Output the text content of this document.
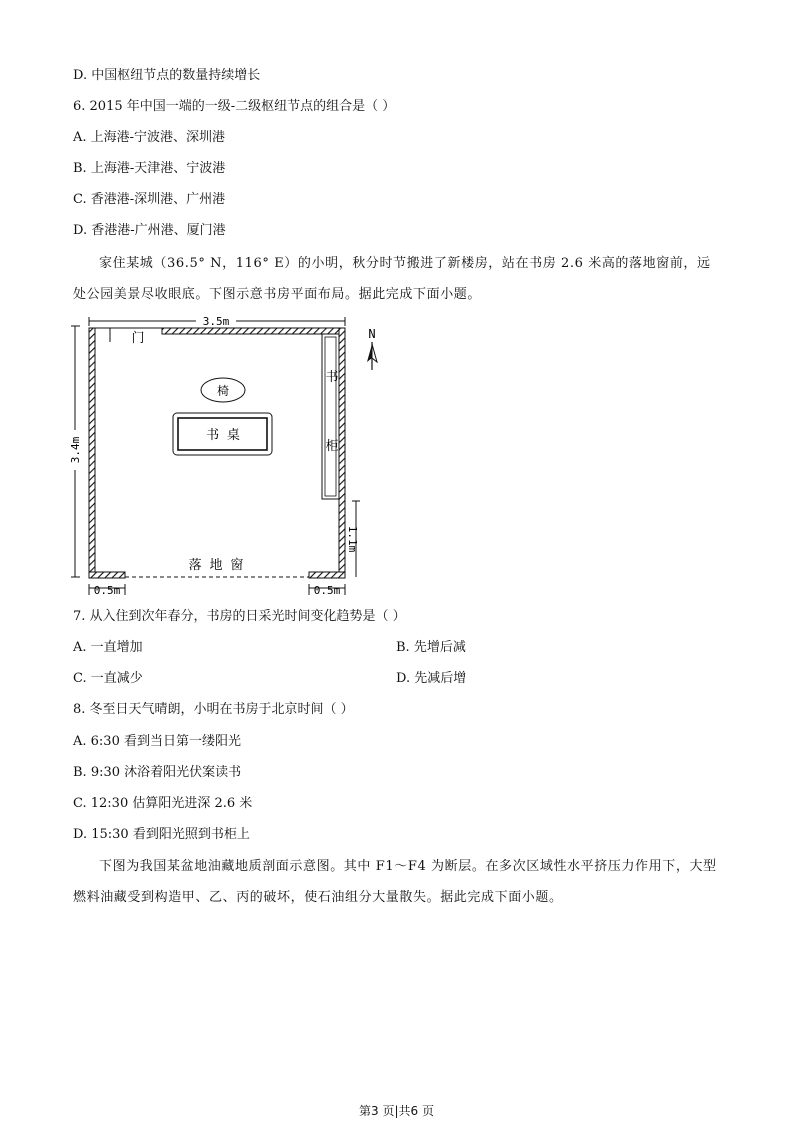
D. 中国枢纽节点的数量持续增长
6. 2015 年中国一端的一级-二级枢纽节点的组合是（ ）
A. 上海港-宁波港、深圳港
B. 上海港-天津港、宁波港
C. 香港港-深圳港、广州港
D. 香港港-广州港、厦门港
家住某城（36.5° N，116° E）的小明，秋分时节搬进了新楼房，站在书房 2.6 米高的落地窗前，远处公园美景尽收眼底。下图示意书房平面布局。据此完成下面小题。
3.5m
3.4m
门
落 地 窗
书
柜
椅
书 桌
1.1m
0.5m	0.5m
N
7. 从入住到次年春分，书房的日采光时间变化趋势是（ ）
A. 一直增加	B. 先增后减
C. 一直减少	D. 先减后增
8. 冬至日天气晴朗，小明在书房于北京时间（ ）
A. 6:30 看到当日第一缕阳光
B. 9:30 沐浴着阳光伏案读书
C. 12:30 估算阳光进深 2.6 米
D. 15:30 看到阳光照到书柜上
下图为我国某盆地油藏地质剖面示意图。其中 F1～F4 为断层。在多次区域性水平挤压力作用下，大型燃料油藏受到构造甲、乙、丙的破坏，使石油组分大量散失。据此完成下面小题。
第3 页|共6 页
